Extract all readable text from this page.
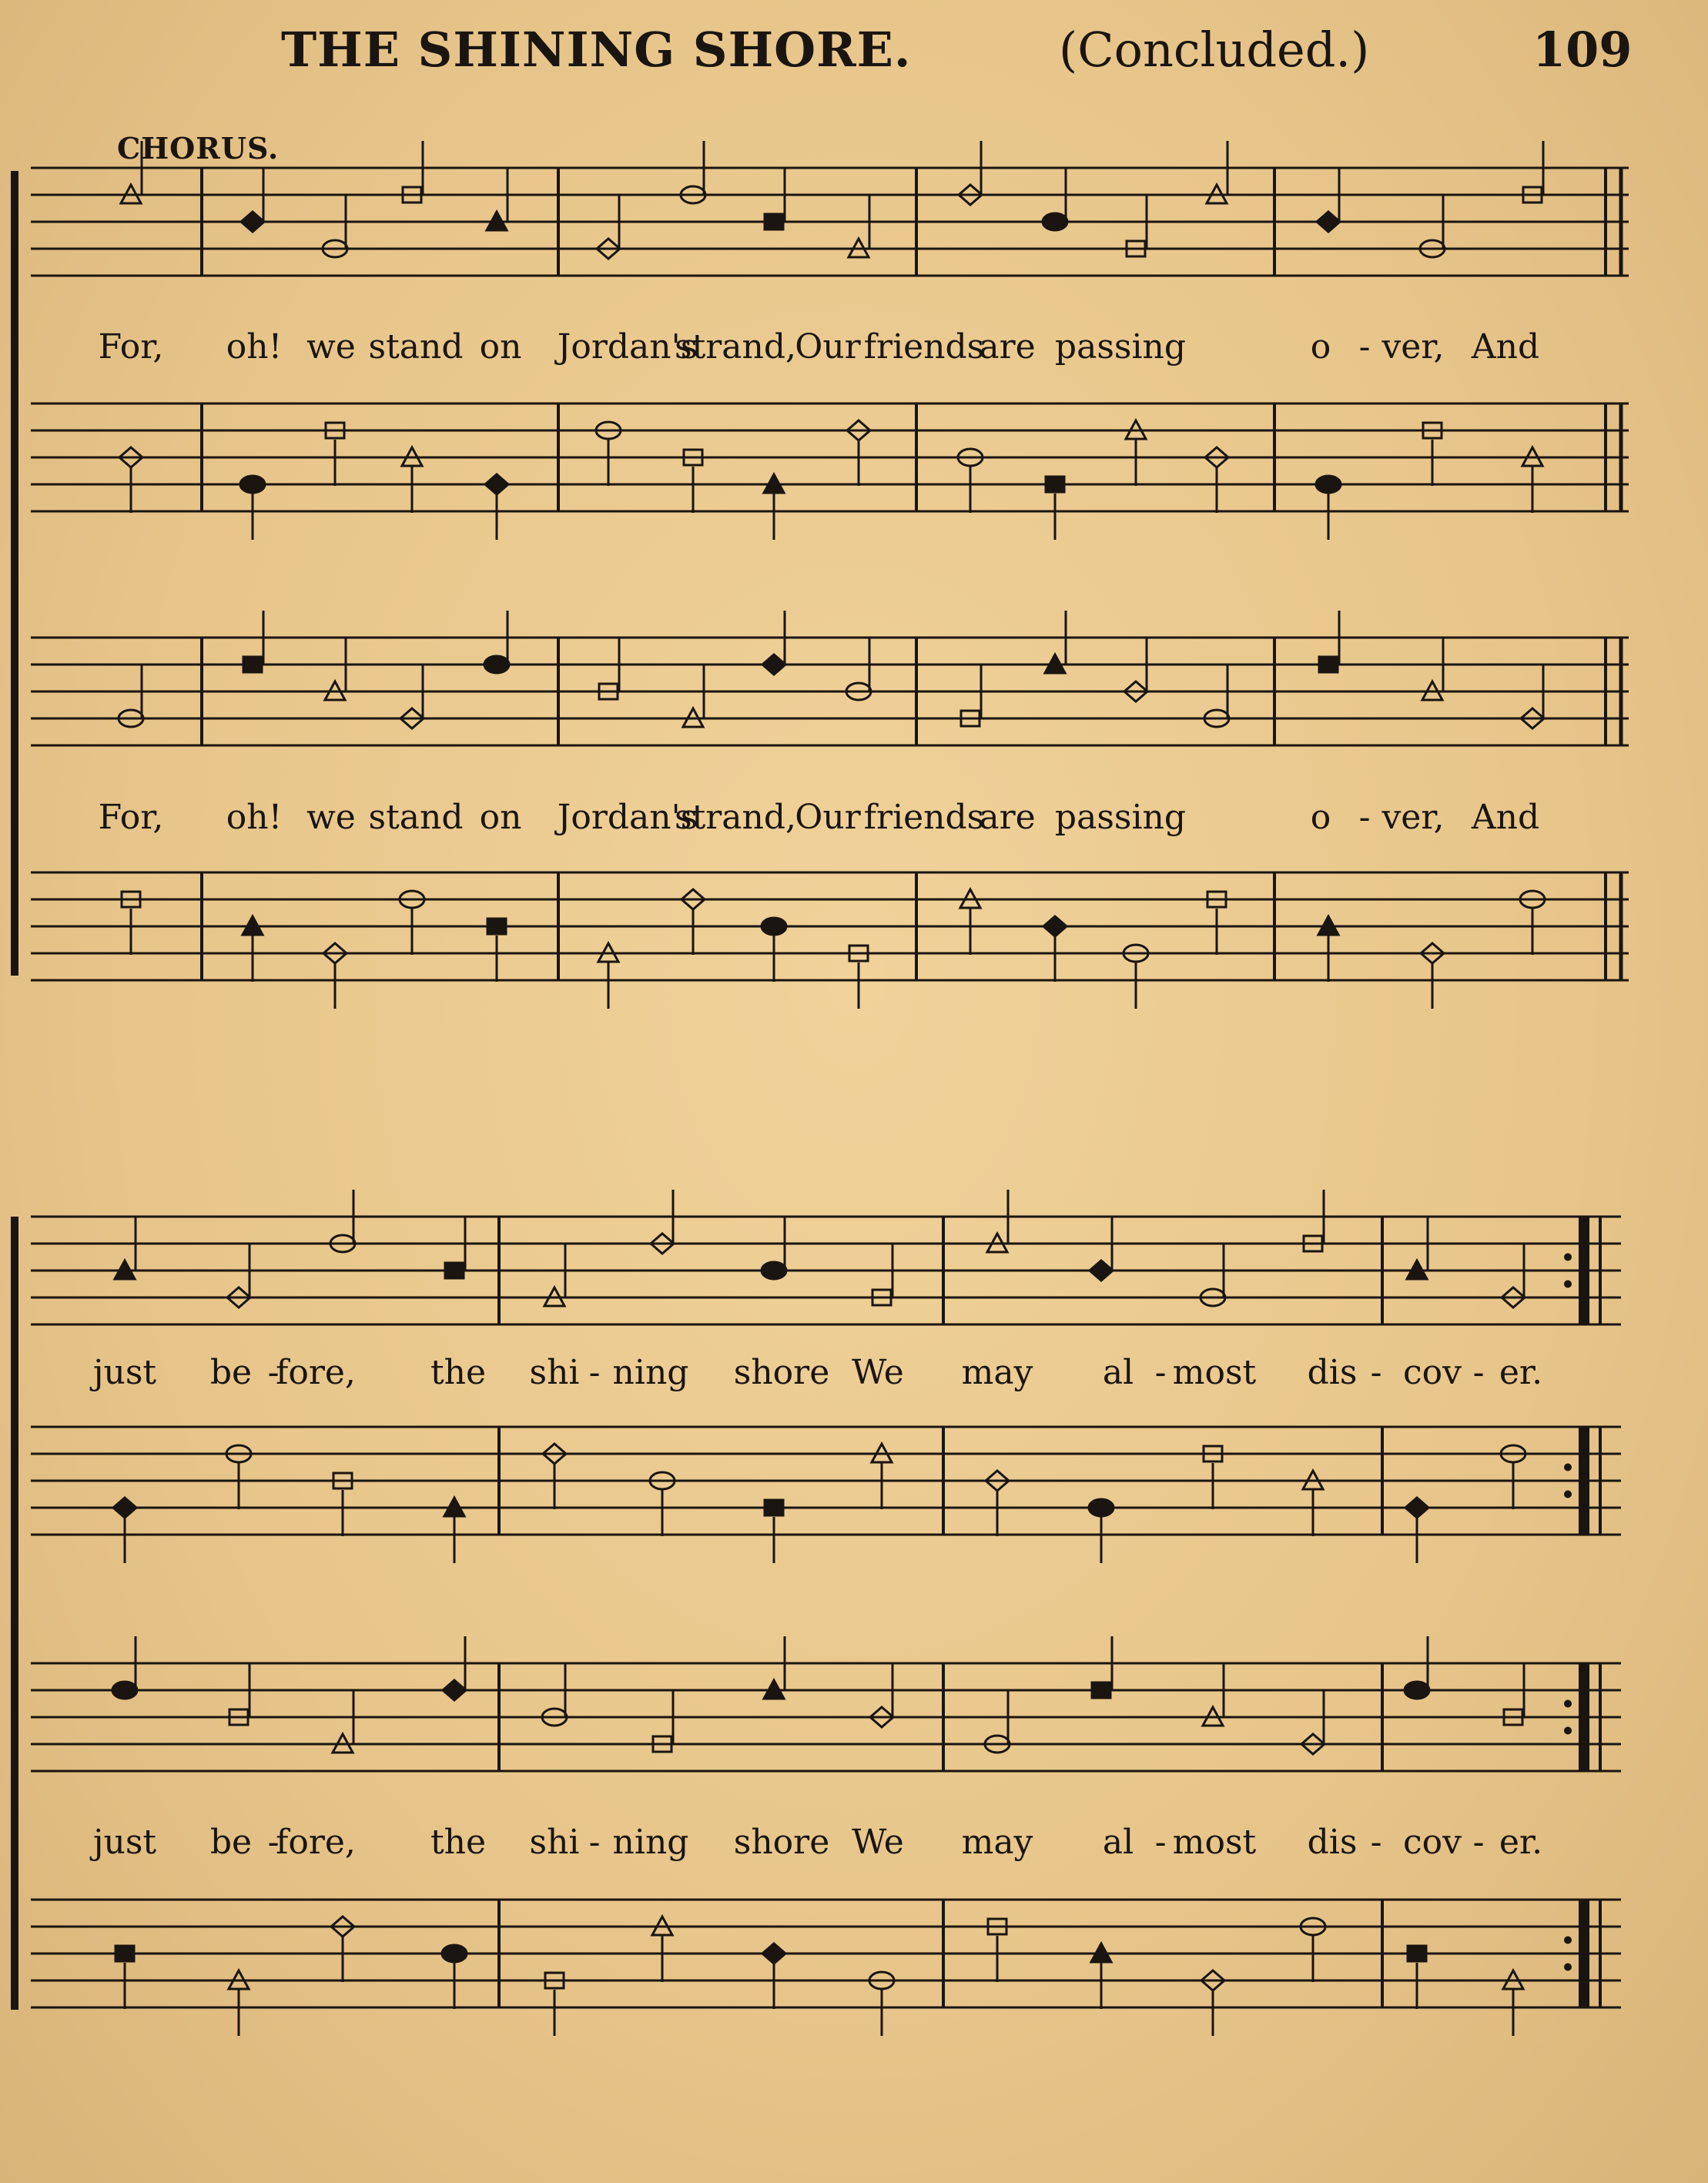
THE SHINING SHORE.	(Concluded.)	109
CHORUS.
For, oh! we stand on Jordan's
strand,
Our friends
are passing	o - ver, And
For, oh! we stand on Jordan's
strand,
Our friends
are passing	o - ver, And
just be -
fore, the shi - ning shore We may al - most dis - cov - er.
just be -
fore, the shi - ning shore We may al - most dis - cov - er.
